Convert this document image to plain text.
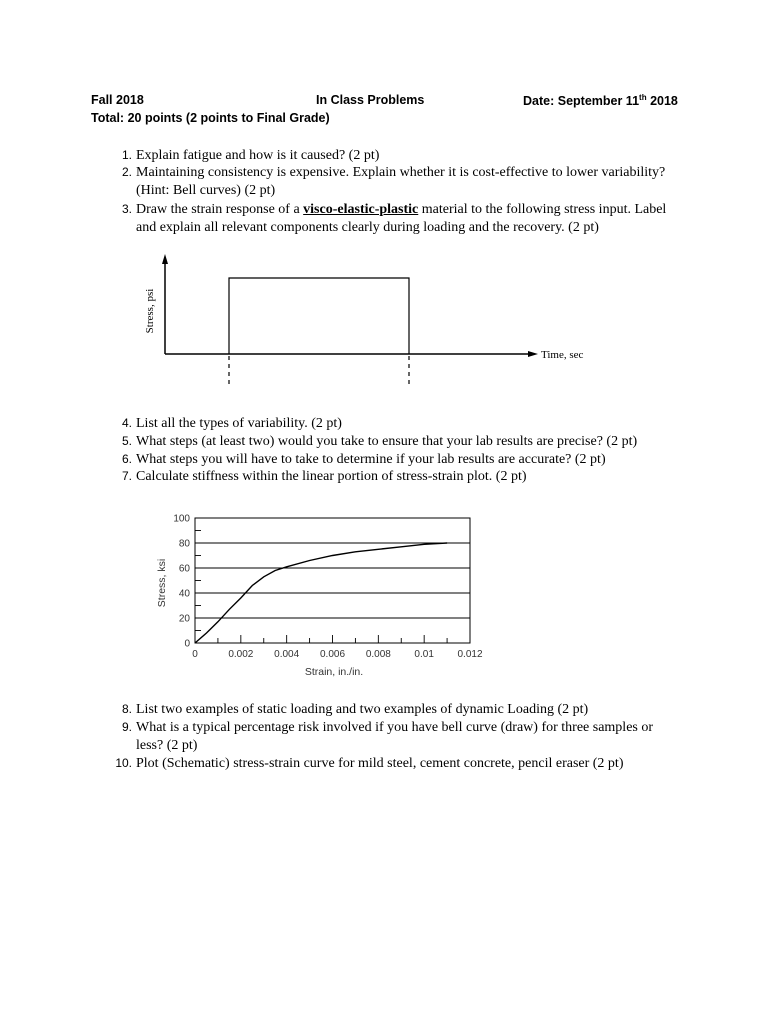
Fall 2018	In Class Problems	Date: September 11th 2018
Total: 20 points (2 points to Final Grade)
1. Explain fatigue and how is it caused? (2 pt)
2. Maintaining consistency is expensive. Explain whether it is cost-effective to lower variability? (Hint: Bell curves) (2 pt)
3. Draw the strain response of a visco-elastic-plastic material to the following stress input. Label and explain all relevant components clearly during loading and the recovery. (2 pt)
Stress, psi
Time, sec
4. List all the types of variability. (2 pt)
5. What steps (at least two) would you take to ensure that your lab results are precise? (2 pt)
6. What steps you will have to take to determine if your lab results are accurate? (2 pt)
7. Calculate stiffness within the linear portion of stress-strain plot. (2 pt)
0
20
40
60
80
100
0	0.002 0.004 0.006 0.008 0.01 0.012
Strain, in./in.
Stress, ksi
8. List two examples of static loading and two examples of dynamic Loading (2 pt)
9. What is a typical percentage risk involved if you have bell curve (draw) for three samples or less? (2 pt)
10. Plot (Schematic) stress-strain curve for mild steel, cement concrete, pencil eraser (2 pt)
